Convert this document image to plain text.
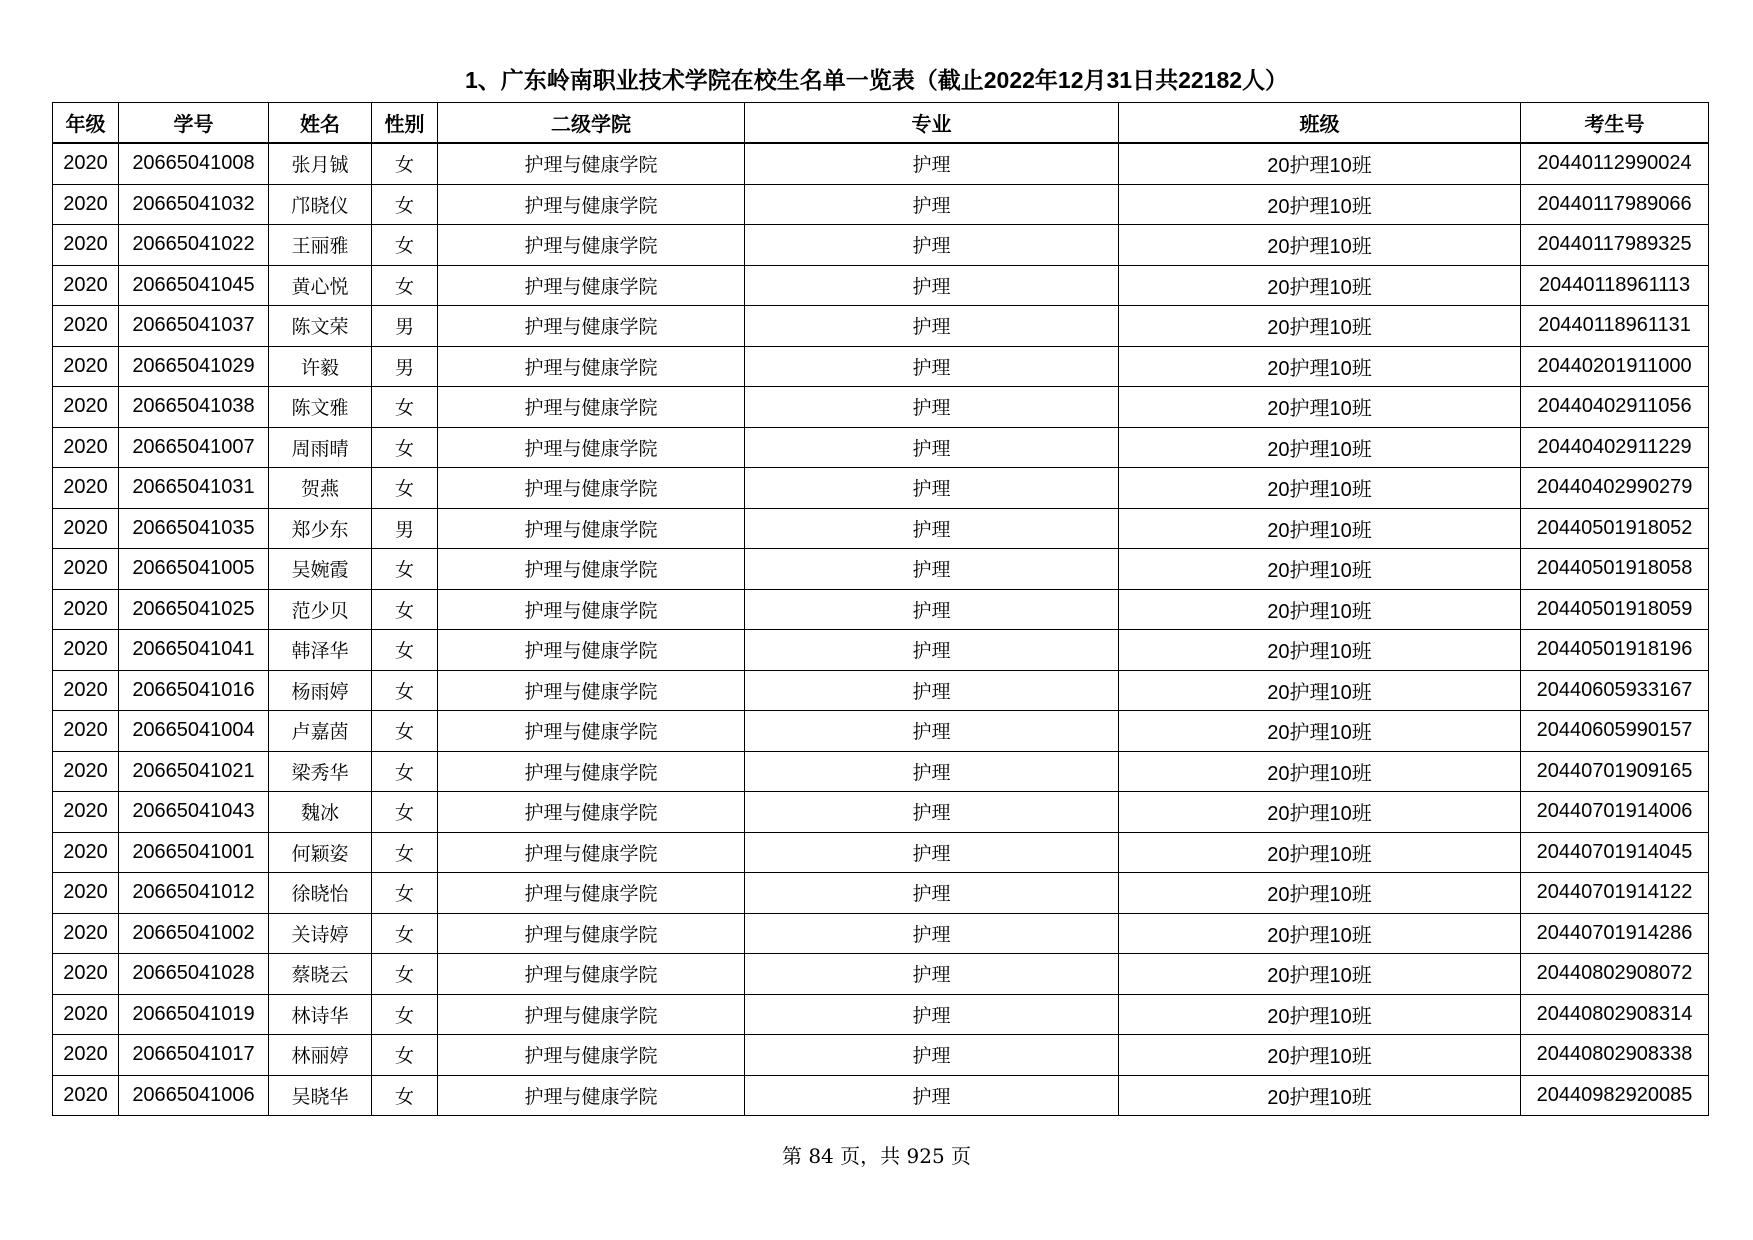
1、广东岭南职业技术学院在校生名单一览表（截止2022年12月31日共22182人）
年级	学号	姓名	性别	二级学院	专业	班级	考生号
2020	20665041008	张月铖	女	护理与健康学院	护理	20护理10班	20440112990024
2020	20665041032	邝晓仪	女	护理与健康学院	护理	20护理10班	20440117989066
2020	20665041022	王丽雅	女	护理与健康学院	护理	20护理10班	20440117989325
2020	20665041045	黄心悦	女	护理与健康学院	护理	20护理10班	20440118961113
2020	20665041037	陈文荣	男	护理与健康学院	护理	20护理10班	20440118961131
2020	20665041029	许毅	男	护理与健康学院	护理	20护理10班	20440201911000
2020	20665041038	陈文雅	女	护理与健康学院	护理	20护理10班	20440402911056
2020	20665041007	周雨晴	女	护理与健康学院	护理	20护理10班	20440402911229
2020	20665041031	贺燕	女	护理与健康学院	护理	20护理10班	20440402990279
2020	20665041035	郑少东	男	护理与健康学院	护理	20护理10班	20440501918052
2020	20665041005	吴婉霞	女	护理与健康学院	护理	20护理10班	20440501918058
2020	20665041025	范少贝	女	护理与健康学院	护理	20护理10班	20440501918059
2020	20665041041	韩泽华	女	护理与健康学院	护理	20护理10班	20440501918196
2020	20665041016	杨雨婷	女	护理与健康学院	护理	20护理10班	20440605933167
2020	20665041004	卢嘉茵	女	护理与健康学院	护理	20护理10班	20440605990157
2020	20665041021	梁秀华	女	护理与健康学院	护理	20护理10班	20440701909165
2020	20665041043	魏冰	女	护理与健康学院	护理	20护理10班	20440701914006
2020	20665041001	何颖姿	女	护理与健康学院	护理	20护理10班	20440701914045
2020	20665041012	徐晓怡	女	护理与健康学院	护理	20护理10班	20440701914122
2020	20665041002	关诗婷	女	护理与健康学院	护理	20护理10班	20440701914286
2020	20665041028	蔡晓云	女	护理与健康学院	护理	20护理10班	20440802908072
2020	20665041019	林诗华	女	护理与健康学院	护理	20护理10班	20440802908314
2020	20665041017	林丽婷	女	护理与健康学院	护理	20护理10班	20440802908338
2020	20665041006	吴晓华	女	护理与健康学院	护理	20护理10班	20440982920085
第 84 页，共 925 页
